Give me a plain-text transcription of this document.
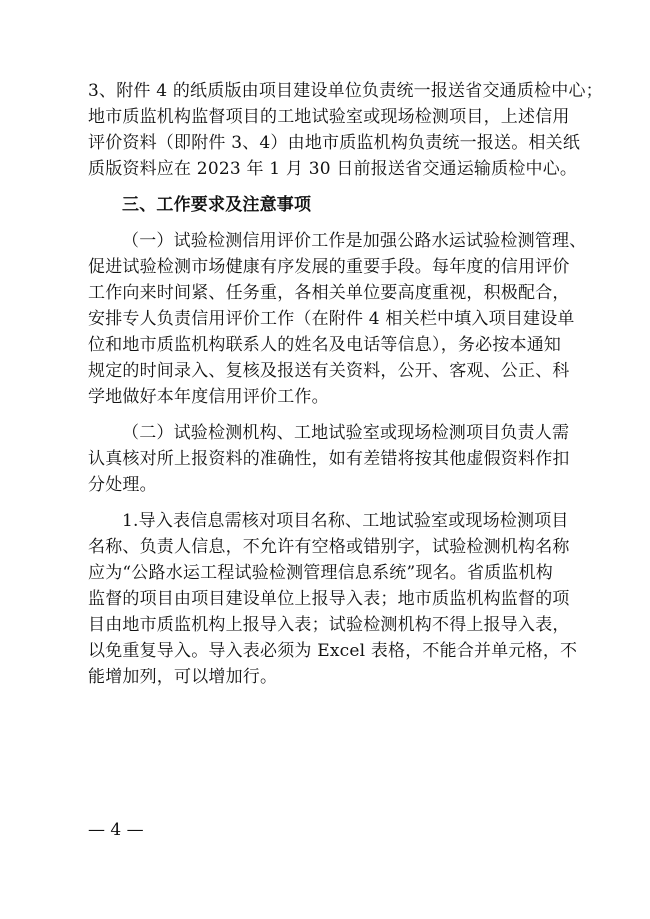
3、附件 4 的纸质版由项目建设单位负责统一报送省交通质检中心；
地市质监机构监督项目的工地试验室或现场检测项目，上述信用
评价资料（即附件 3、4）由地市质监机构负责统一报送。相关纸
质版资料应在 2023 年 1 月 30 日前报送省交通运输质检中心。
三、工作要求及注意事项
（一）试验检测信用评价工作是加强公路水运试验检测管理、
促进试验检测市场健康有序发展的重要手段。每年度的信用评价
工作向来时间紧、任务重，各相关单位要高度重视，积极配合，
安排专人负责信用评价工作（在附件 4 相关栏中填入项目建设单
位和地市质监机构联系人的姓名及电话等信息），务必按本通知
规定的时间录入、复核及报送有关资料，公开、客观、公正、科
学地做好本年度信用评价工作。
（二）试验检测机构、工地试验室或现场检测项目负责人需
认真核对所上报资料的准确性，如有差错将按其他虚假资料作扣
分处理。
1.导入表信息需核对项目名称、工地试验室或现场检测项目
名称、负责人信息，不允许有空格或错别字，试验检测机构名称
应为“公路水运工程试验检测管理信息系统”现名。省质监机构
监督的项目由项目建设单位上报导入表；地市质监机构监督的项
目由地市质监机构上报导入表；试验检测机构不得上报导入表，
以免重复导入。导入表必须为 Excel 表格，不能合并单元格，不
能增加列，可以增加行。
— 4 —
